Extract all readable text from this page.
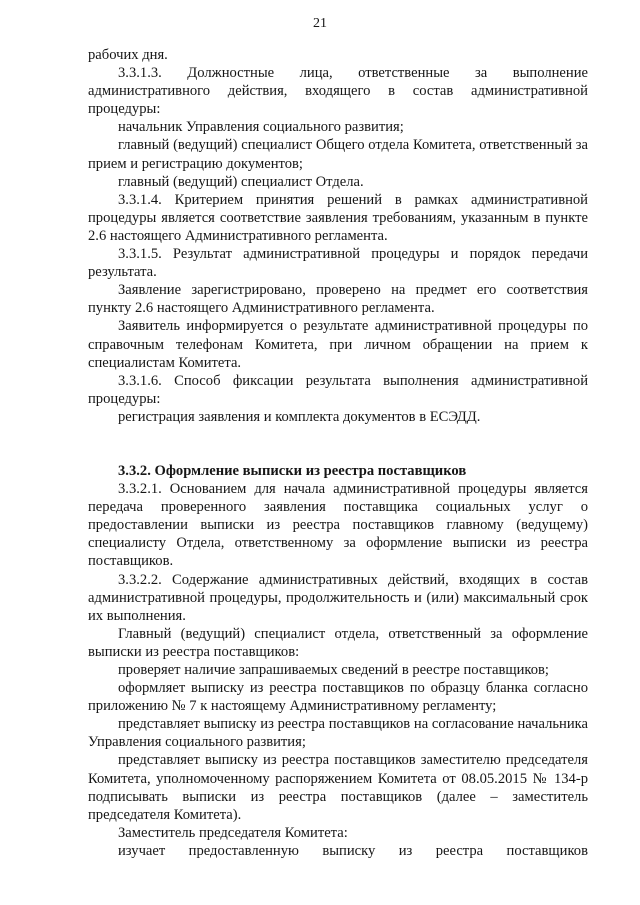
21

рабочих дня.

3.3.1.3. Должностные лица, ответственные за выполнение административного действия, входящего в состав административной процедуры:

начальник Управления социального развития;

главный (ведущий) специалист Общего отдела Комитета, ответственный за прием и регистрацию документов;

главный (ведущий) специалист Отдела.

3.3.1.4. Критерием принятия решений в рамках административной процедуры является соответствие заявления требованиям, указанным в пункте 2.6 настоящего Административного регламента.

3.3.1.5. Результат административной процедуры и порядок передачи результата.

Заявление зарегистрировано, проверено на предмет его соответствия пункту 2.6 настоящего Административного регламента.

Заявитель информируется о результате административной процедуры по справочным телефонам Комитета, при личном обращении на прием к специалистам Комитета.

3.3.1.6. Способ фиксации результата выполнения административной процедуры:

регистрация заявления и комплекта документов в ЕСЭДД.

3.3.2. Оформление выписки из реестра поставщиков

3.3.2.1. Основанием для начала административной процедуры является передача проверенного заявления поставщика социальных услуг о предоставлении выписки из реестра поставщиков главному (ведущему) специалисту Отдела, ответственному за оформление выписки из реестра поставщиков.

3.3.2.2. Содержание административных действий, входящих в состав административной процедуры, продолжительность и (или) максимальный срок их выполнения.

Главный (ведущий) специалист отдела, ответственный за оформление выписки из реестра поставщиков:

проверяет наличие запрашиваемых сведений в реестре поставщиков;

оформляет выписку из реестра поставщиков по образцу бланка согласно приложению № 7 к настоящему Административному регламенту;

представляет выписку из реестра поставщиков на согласование начальника Управления социального развития;

представляет выписку из реестра поставщиков заместителю председателя Комитета, уполномоченному распоряжением Комитета от 08.05.2015 № 134-р подписывать выписки из реестра поставщиков (далее – заместитель председателя Комитета).

Заместитель председателя Комитета:

изучает предоставленную выписку из реестра поставщиков
